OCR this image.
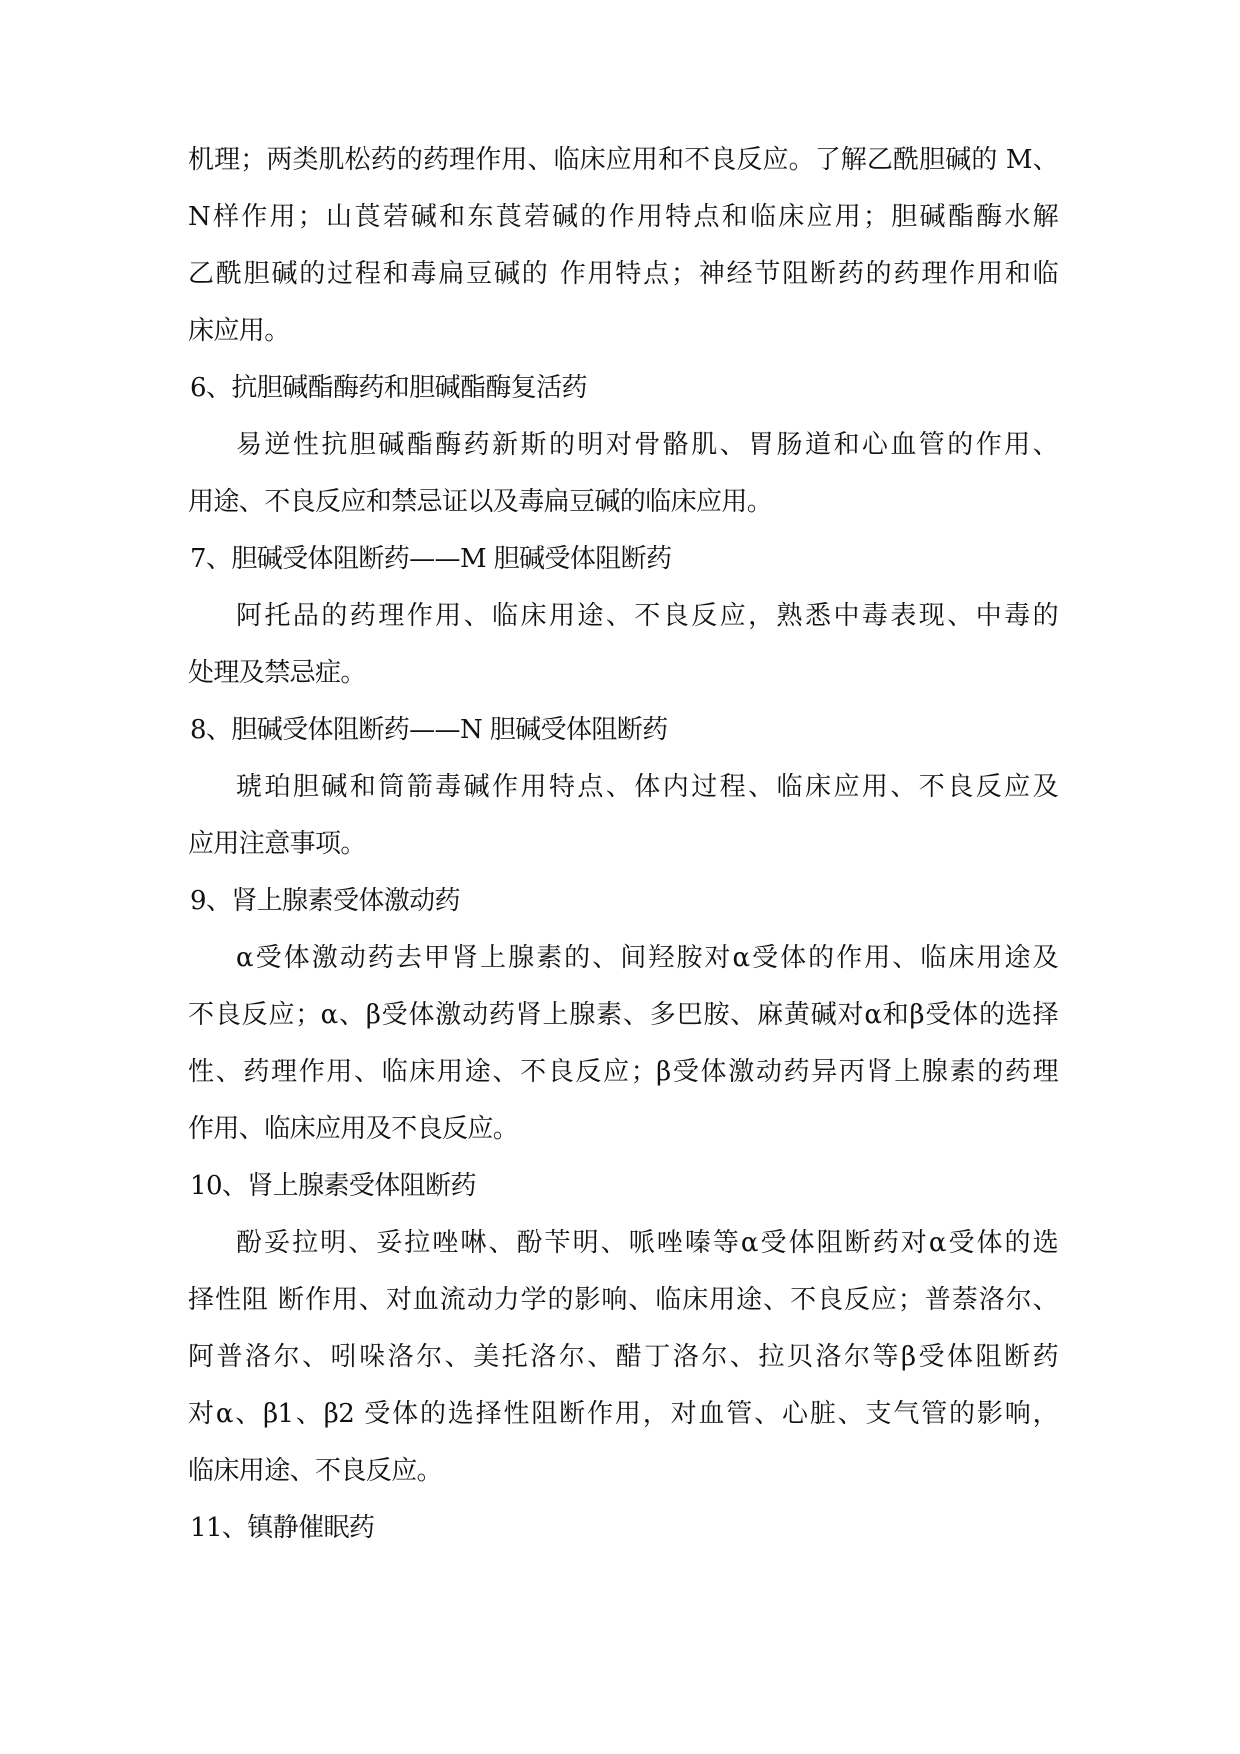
机理；两类肌松药的药理作用、临床应用和不良反应。了解乙酰胆碱的 M、
N样作用；山莨菪碱和东莨菪碱的作用特点和临床应用；胆碱酯酶水解
乙酰胆碱的过程和毒扁豆碱的 作用特点；神经节阻断药的药理作用和临
床应用。
6、抗胆碱酯酶药和胆碱酯酶复活药
易逆性抗胆碱酯酶药新斯的明对骨骼肌、胃肠道和心血管的作用、
用途、不良反应和禁忌证以及毒扁豆碱的临床应用。
7、胆碱受体阻断药——M 胆碱受体阻断药
阿托品的药理作用、临床用途、不良反应，熟悉中毒表现、中毒的
处理及禁忌症。
8、胆碱受体阻断药——N 胆碱受体阻断药
琥珀胆碱和筒箭毒碱作用特点、体内过程、临床应用、不良反应及
应用注意事项。
9、肾上腺素受体激动药
α受体激动药去甲肾上腺素的、间羟胺对α受体的作用、临床用途及
不良反应；α、β受体激动药肾上腺素、多巴胺、麻黄碱对α和β受体的选择
性、药理作用、临床用途、不良反应；β受体激动药异丙肾上腺素的药理
作用、临床应用及不良反应。
10、肾上腺素受体阻断药
酚妥拉明、妥拉唑啉、酚苄明、哌唑嗪等α受体阻断药对α受体的选
择性阻 断作用、对血流动力学的影响、临床用途、不良反应；普萘洛尔、
阿普洛尔、吲哚洛尔、美托洛尔、醋丁洛尔、拉贝洛尔等β受体阻断药
对α、β1、β2 受体的选择性阻断作用，对血管、心脏、支气管的影响，
临床用途、不良反应。
11、镇静催眠药
